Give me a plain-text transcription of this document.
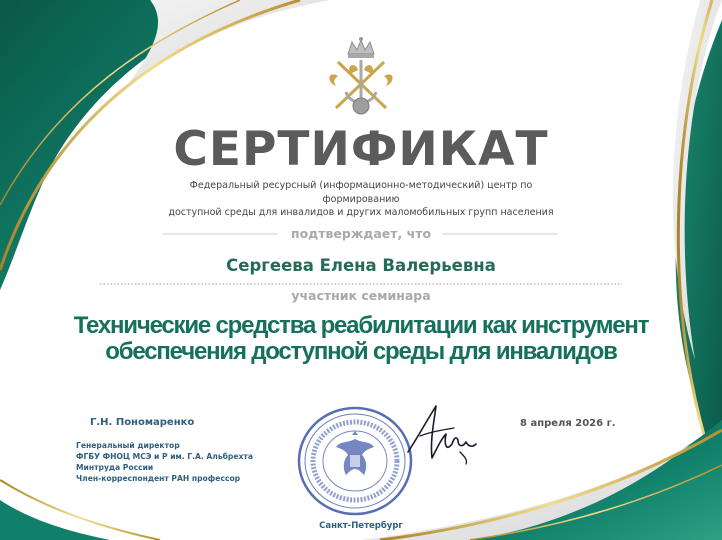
СЕРТИФИКАТ
Федеральный ресурсный (информационно-методический) центр по формированию
доступной среды для инвалидов и других маломобильных групп населения
подтверждает, что
Сергеева Елена Валерьевна
участник семинара
Технические средства реабилитации как инструмент
обеспечения доступной среды для инвалидов
Г.Н. Пономаренко
Генеральный директор
ФГБУ ФНОЦ МСЭ и Р им. Г.А. Альбрехта
Минтруда России
Член-корреспондент РАН профессор
8 апреля 2026 г.
Санкт-Петербург
